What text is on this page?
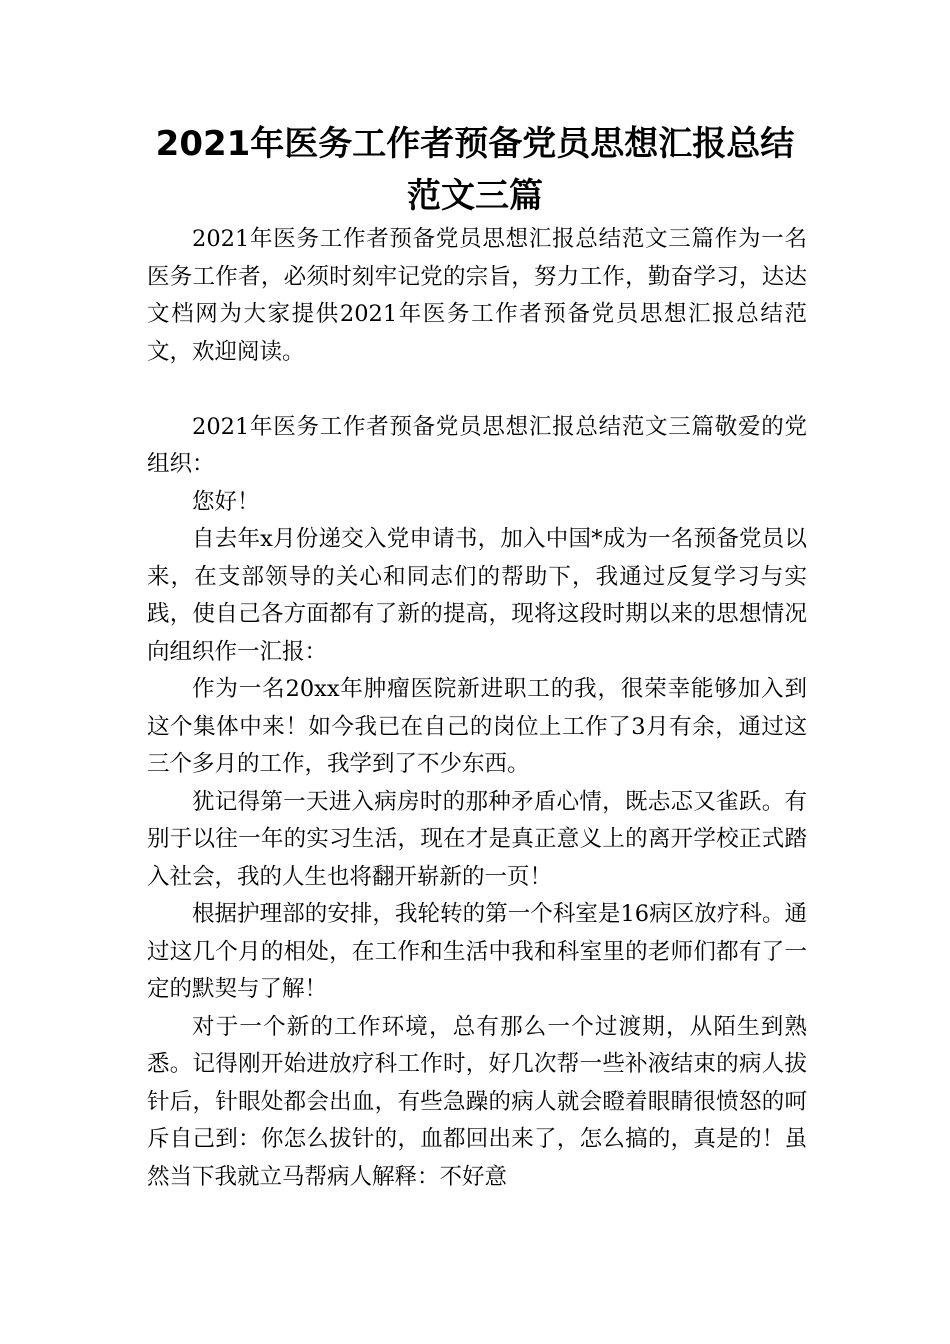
2021年医务工作者预备党员思想汇报总结范文三篇

2021年医务工作者预备党员思想汇报总结范文三篇作为一名医务工作者，必须时刻牢记党的宗旨，努力工作，勤奋学习，达达文档网为大家提供2021年医务工作者预备党员思想汇报总结范文，欢迎阅读。

2021年医务工作者预备党员思想汇报总结范文三篇敬爱的党组织：

您好！

自去年x月份递交入党申请书，加入中国*成为一名预备党员以来，在支部领导的关心和同志们的帮助下，我通过反复学习与实践，使自己各方面都有了新的提高，现将这段时期以来的思想情况向组织作一汇报：

作为一名20xx年肿瘤医院新进职工的我，很荣幸能够加入到这个集体中来！如今我已在自己的岗位上工作了3月有余，通过这三个多月的工作，我学到了不少东西。

犹记得第一天进入病房时的那种矛盾心情，既忐忑又雀跃。有别于以往一年的实习生活，现在才是真正意义上的离开学校正式踏入社会，我的人生也将翻开崭新的一页！

根据护理部的安排，我轮转的第一个科室是16病区放疗科。通过这几个月的相处，在工作和生活中我和科室里的老师们都有了一定的默契与了解！

对于一个新的工作环境，总有那么一个过渡期，从陌生到熟悉。记得刚开始进放疗科工作时，好几次帮一些补液结束的病人拔针后，针眼处都会出血，有些急躁的病人就会瞪着眼睛很愤怒的呵斥自己到：你怎么拔针的，血都回出来了，怎么搞的，真是的！虽然当下我就立马帮病人解释：不好意
